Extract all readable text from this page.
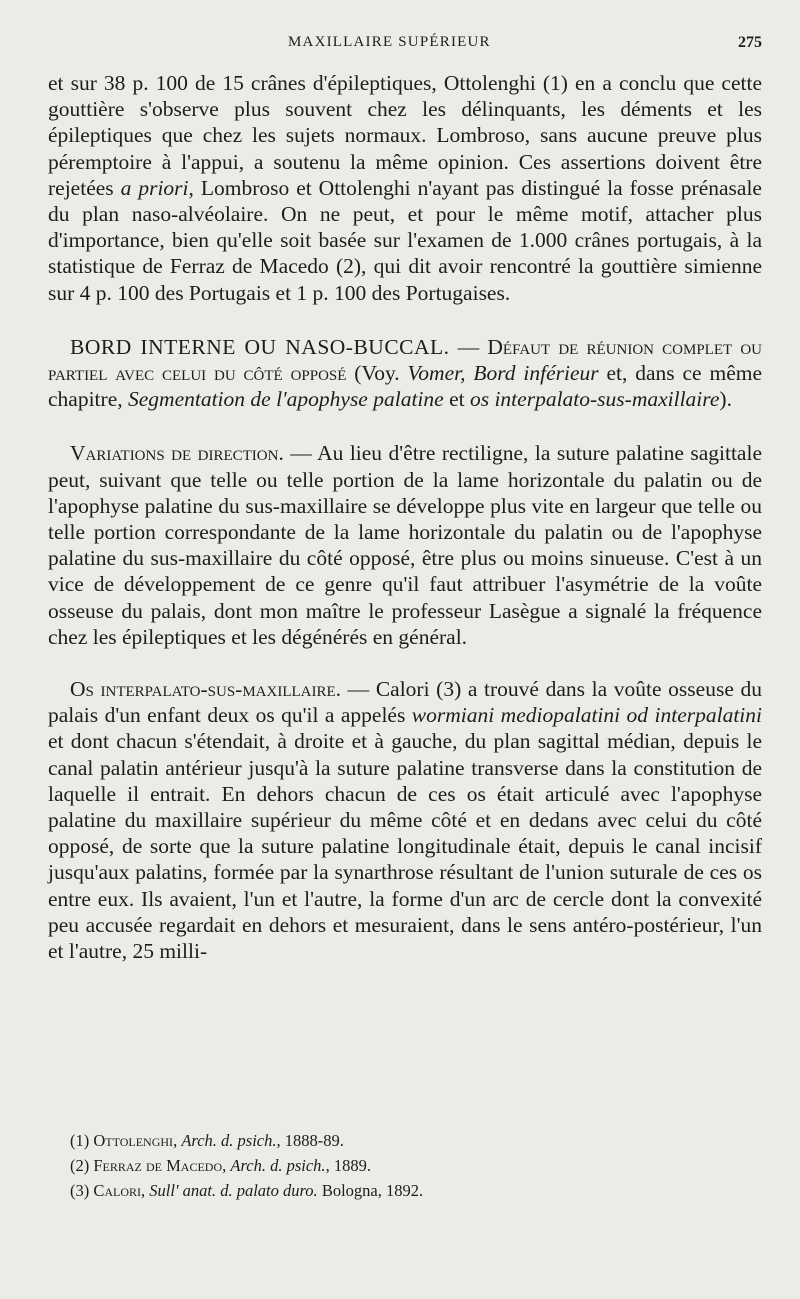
MAXILLAIRE SUPÉRIEUR	275

et sur 38 p. 100 de 15 crânes d'épileptiques, Ottolenghi (1) en a conclu que cette gouttière s'observe plus souvent chez les délinquants, les déments et les épileptiques que chez les sujets normaux. Lombroso, sans aucune preuve plus péremptoire à l'appui, a soutenu la même opinion. Ces assertions doivent être rejetées a priori, Lombroso et Ottolenghi n'ayant pas distingué la fosse prénasale du plan naso-alvéolaire. On ne peut, et pour le même motif, attacher plus d'importance, bien qu'elle soit basée sur l'examen de 1.000 crânes portugais, à la statistique de Ferraz de Macedo (2), qui dit avoir rencontré la gouttière simienne sur 4 p. 100 des Portugais et 1 p. 100 des Portugaises.

BORD INTERNE OU NASO-BUCCAL. — Défaut de réunion complet ou partiel avec celui du côté opposé (Voy. Vomer, Bord inférieur et, dans ce même chapitre, Segmentation de l'apophyse palatine et os interpalato-sus-maxillaire).

Variations de direction. — Au lieu d'être rectiligne, la suture palatine sagittale peut, suivant que telle ou telle portion de la lame horizontale du palatin ou de l'apophyse palatine du sus-maxillaire se développe plus vite en largeur que telle ou telle portion correspondante de la lame horizontale du palatin ou de l'apophyse palatine du sus-maxillaire du côté opposé, être plus ou moins sinueuse. C'est à un vice de développement de ce genre qu'il faut attribuer l'asymétrie de la voûte osseuse du palais, dont mon maître le professeur Lasègue a signalé la fréquence chez les épileptiques et les dégénérés en général.

Os interpalato-sus-maxillaire. — Calori (3) a trouvé dans la voûte osseuse du palais d'un enfant deux os qu'il a appelés wormiani mediopalatini od interpalatini et dont chacun s'étendait, à droite et à gauche, du plan sagittal médian, depuis le canal palatin antérieur jusqu'à la suture palatine transverse dans la constitution de laquelle il entrait. En dehors chacun de ces os était articulé avec l'apophyse palatine du maxillaire supérieur du même côté et en dedans avec celui du côté opposé, de sorte que la suture palatine longitudinale était, depuis le canal incisif jusqu'aux palatins, formée par la synarthrose résultant de l'union suturale de ces os entre eux. Ils avaient, l'un et l'autre, la forme d'un arc de cercle dont la convexité peu accusée regardait en dehors et mesuraient, dans le sens antéro-postérieur, l'un et l'autre, 25 milli-

(1) Ottolenghi, Arch. d. psich., 1888-89.

(2) Ferraz de Macedo, Arch. d. psich., 1889.

(3) Calori, Sull' anat. d. palato duro. Bologna, 1892.
